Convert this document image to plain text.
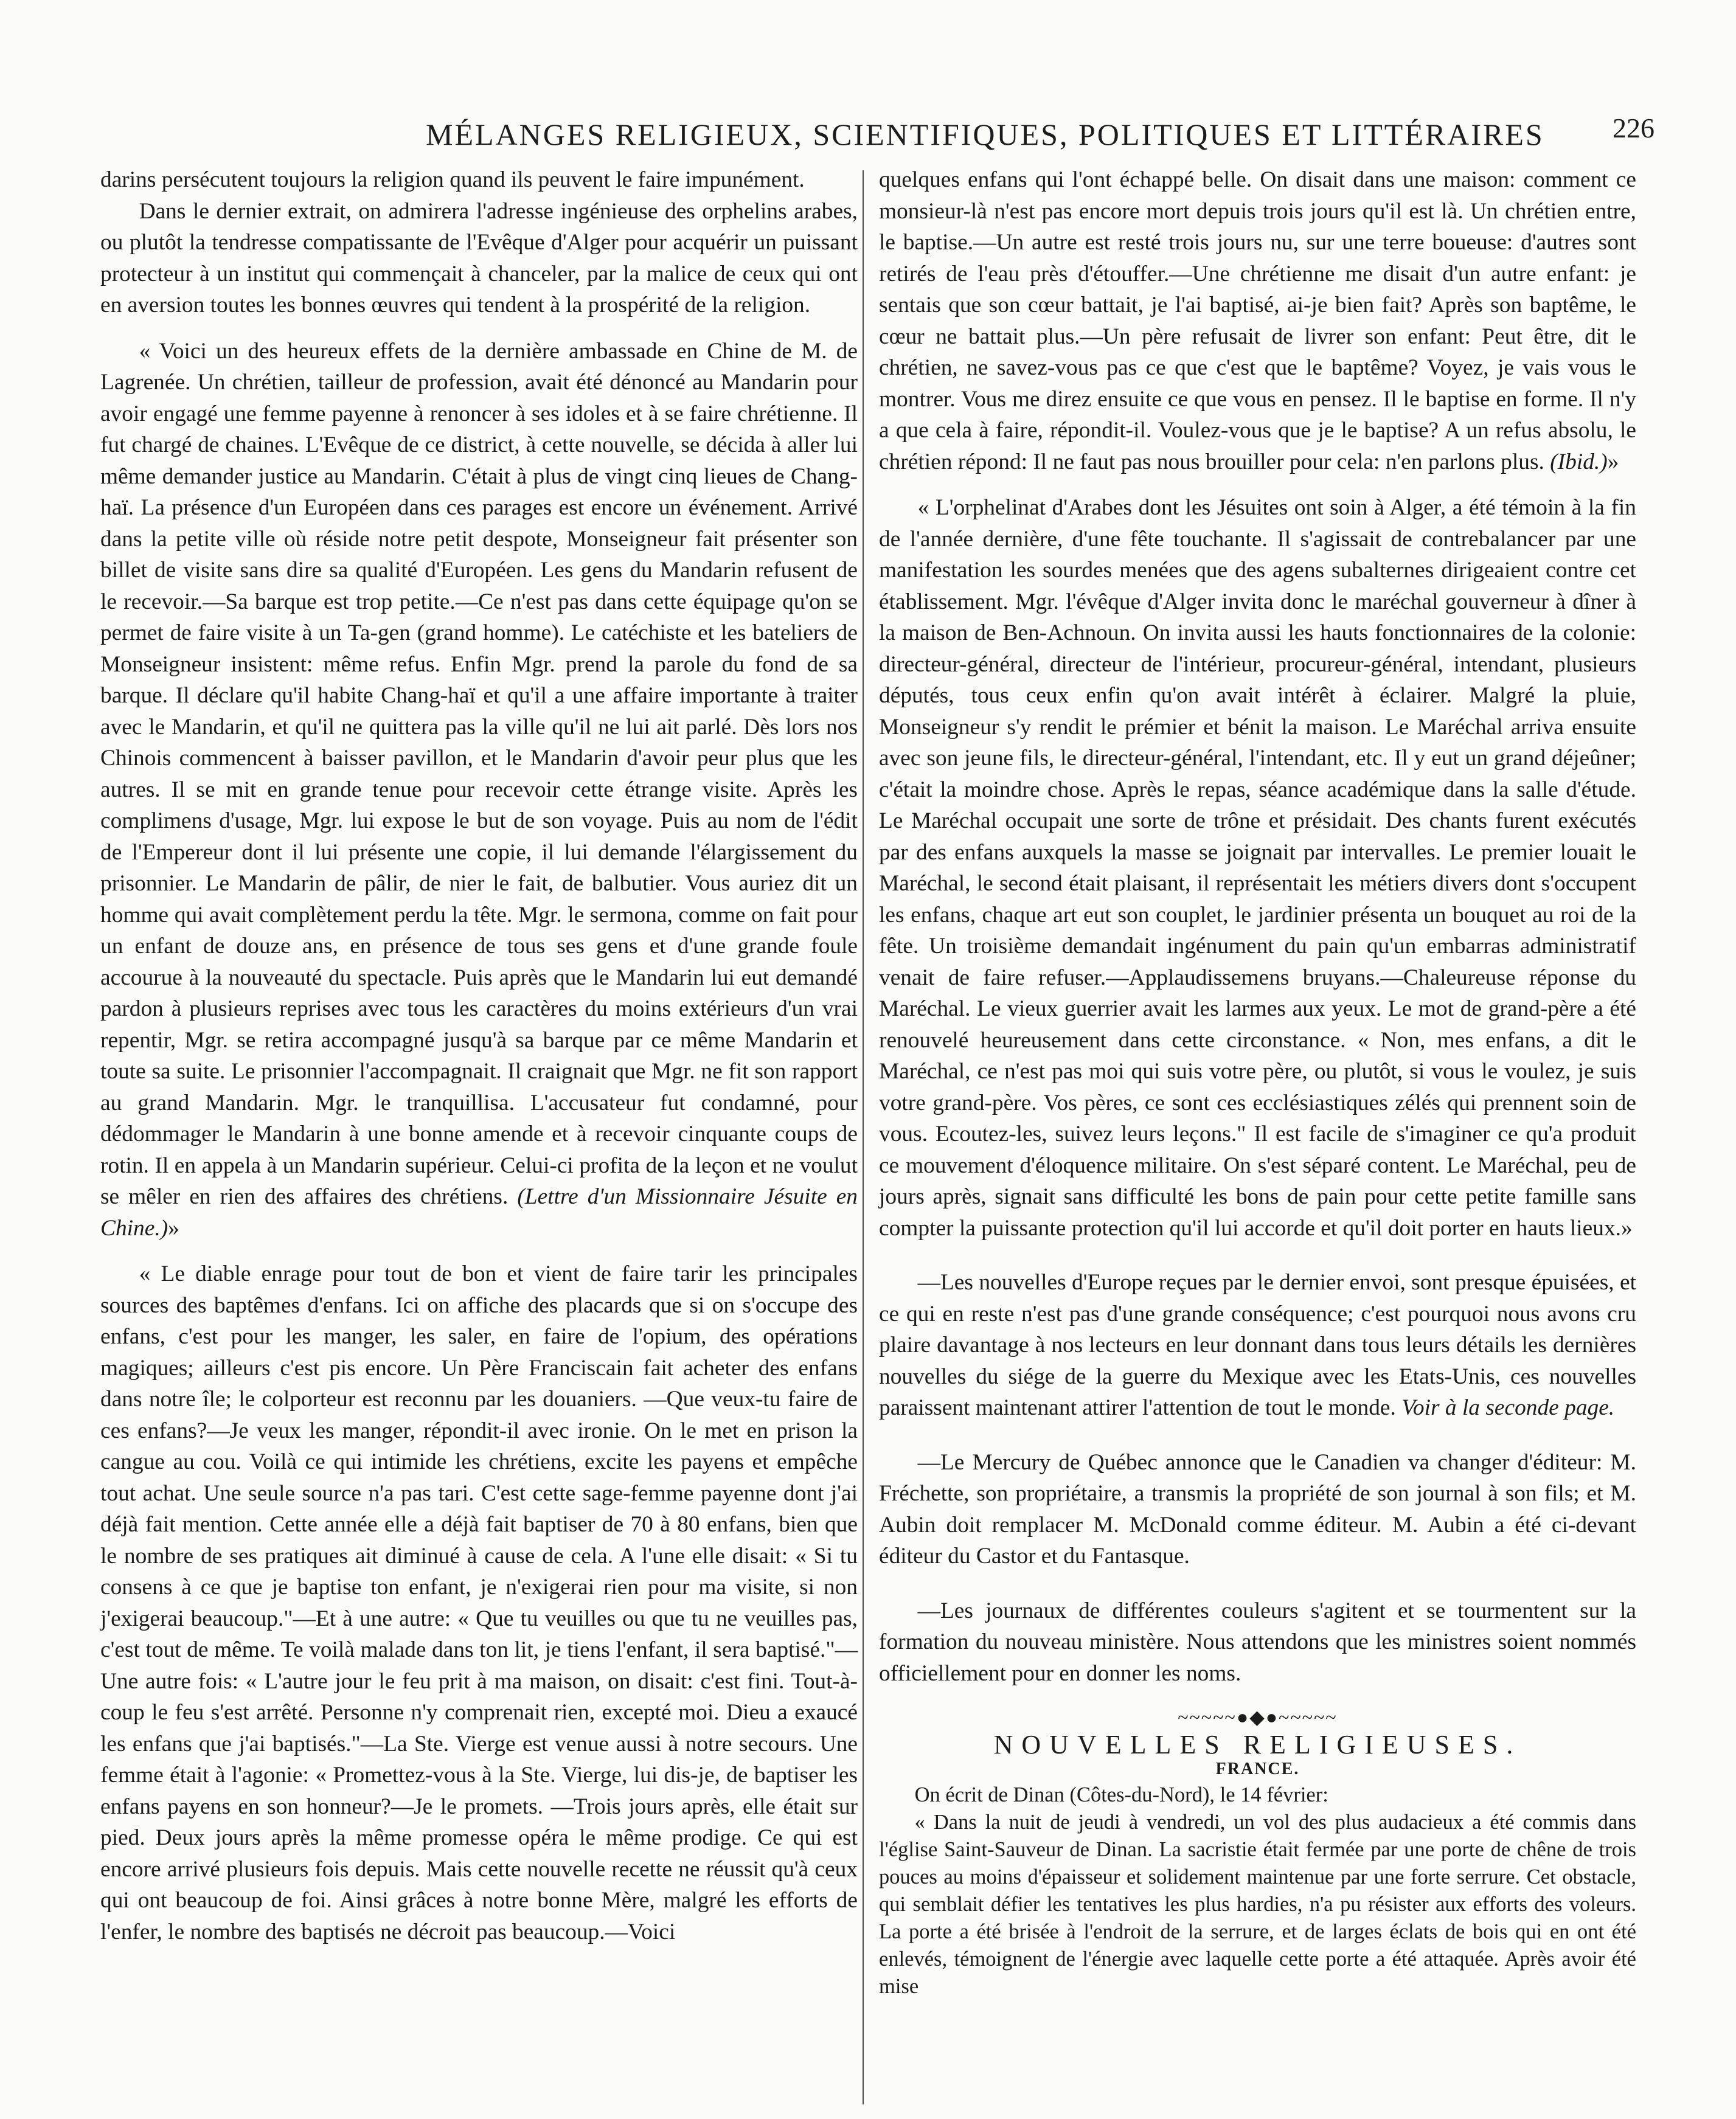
MÉLANGES RELIGIEUX, SCIENTIFIQUES, POLITIQUES ET LITTÉRAIRES 226

darins persécutent toujours la religion quand ils peuvent le faire impunément.

Dans le dernier extrait, on admirera l'adresse ingénieuse des orphelins arabes, ou plutôt la tendresse compatissante de l'Evêque d'Alger pour acquérir un puissant protecteur à un institut qui commençait à chanceler, par la malice de ceux qui ont en aversion toutes les bonnes œuvres qui tendent à la prospérité de la religion.

« Voici un des heureux effets de la dernière ambassade en Chine de M. de Lagrenée. Un chrétien, tailleur de profession, avait été dénoncé au Mandarin pour avoir engagé une femme payenne à renoncer à ses idoles et à se faire chrétienne. Il fut chargé de chaines. L'Evêque de ce district, à cette nouvelle, se décida à aller lui même demander justice au Mandarin. C'était à plus de vingt cinq lieues de Chang-haï. La présence d'un Européen dans ces parages est encore un événement. Arrivé dans la petite ville où réside notre petit despote, Monseigneur fait présenter son billet de visite sans dire sa qualité d'Européen. Les gens du Mandarin refusent de le recevoir.—Sa barque est trop petite.—Ce n'est pas dans cette équipage qu'on se permet de faire visite à un Ta-gen (grand homme). Le catéchiste et les bateliers de Monseigneur insistent: même refus. Enfin Mgr. prend la parole du fond de sa barque. Il déclare qu'il habite Chang-haï et qu'il a une affaire importante à traiter avec le Mandarin, et qu'il ne quittera pas la ville qu'il ne lui ait parlé. Dès lors nos Chinois commencent à baisser pavillon, et le Mandarin d'avoir peur plus que les autres. Il se mit en grande tenue pour recevoir cette étrange visite. Après les complimens d'usage, Mgr. lui expose le but de son voyage. Puis au nom de l'édit de l'Empereur dont il lui présente une copie, il lui demande l'élargissement du prisonnier. Le Mandarin de pâlir, de nier le fait, de balbutier. Vous auriez dit un homme qui avait complètement perdu la tête. Mgr. le sermona, comme on fait pour un enfant de douze ans, en présence de tous ses gens et d'une grande foule accourue à la nouveauté du spectacle. Puis après que le Mandarin lui eut demandé pardon à plusieurs reprises avec tous les caractères du moins extérieurs d'un vrai repentir, Mgr. se retira accompagné jusqu'à sa barque par ce même Mandarin et toute sa suite. Le prisonnier l'accompagnait. Il craignait que Mgr. ne fit son rapport au grand Mandarin. Mgr. le tranquillisa. L'accusateur fut condamné, pour dédommager le Mandarin à une bonne amende et à recevoir cinquante coups de rotin. Il en appela à un Mandarin supérieur. Celui-ci profita de la leçon et ne voulut se mêler en rien des affaires des chrétiens. (Lettre d'un Missionnaire Jésuite en Chine.)»

« Le diable enrage pour tout de bon et vient de faire tarir les principales sources des baptêmes d'enfans. Ici on affiche des placards que si on s'occupe des enfans, c'est pour les manger, les saler, en faire de l'opium, des opérations magiques; ailleurs c'est pis encore. Un Père Franciscain fait acheter des enfans dans notre île; le colporteur est reconnu par les douaniers. —Que veux-tu faire de ces enfans?—Je veux les manger, répondit-il avec ironie. On le met en prison la cangue au cou. Voilà ce qui intimide les chrétiens, excite les payens et empêche tout achat. Une seule source n'a pas tari. C'est cette sage-femme payenne dont j'ai déjà fait mention. Cette année elle a déjà fait baptiser de 70 à 80 enfans, bien que le nombre de ses pratiques ait diminué à cause de cela. A l'une elle disait: « Si tu consens à ce que je baptise ton enfant, je n'exigerai rien pour ma visite, si non j'exigerai beaucoup."—Et à une autre: « Que tu veuilles ou que tu ne veuilles pas, c'est tout de même. Te voilà malade dans ton lit, je tiens l'enfant, il sera baptisé."—Une autre fois: « L'autre jour le feu prit à ma maison, on disait: c'est fini. Tout-à-coup le feu s'est arrêté. Personne n'y comprenait rien, excepté moi. Dieu a exaucé les enfans que j'ai baptisés."—La Ste. Vierge est venue aussi à notre secours. Une femme était à l'agonie: « Promettez-vous à la Ste. Vierge, lui dis-je, de baptiser les enfans payens en son honneur?—Je le promets. —Trois jours après, elle était sur pied. Deux jours après la même promesse opéra le même prodige. Ce qui est encore arrivé plusieurs fois depuis. Mais cette nouvelle recette ne réussit qu'à ceux qui ont beaucoup de foi. Ainsi grâces à notre bonne Mère, malgré les efforts de l'enfer, le nombre des baptisés ne décroit pas beaucoup.—Voici

quelques enfans qui l'ont échappé belle. On disait dans une maison: comment ce monsieur-là n'est pas encore mort depuis trois jours qu'il est là. Un chrétien entre, le baptise.—Un autre est resté trois jours nu, sur une terre boueuse: d'autres sont retirés de l'eau près d'étouffer.—Une chrétienne me disait d'un autre enfant: je sentais que son cœur battait, je l'ai baptisé, ai-je bien fait? Après son baptême, le cœur ne battait plus.—Un père refusait de livrer son enfant: Peut être, dit le chrétien, ne savez-vous pas ce que c'est que le baptême? Voyez, je vais vous le montrer. Vous me direz ensuite ce que vous en pensez. Il le baptise en forme. Il n'y a que cela à faire, répondit-il. Voulez-vous que je le baptise? A un refus absolu, le chrétien répond: Il ne faut pas nous brouiller pour cela: n'en parlons plus. (Ibid.)»

« L'orphelinat d'Arabes dont les Jésuites ont soin à Alger, a été témoin à la fin de l'année dernière, d'une fête touchante. Il s'agissait de contrebalancer par une manifestation les sourdes menées que des agens subalternes dirigeaient contre cet établissement. Mgr. l'évêque d'Alger invita donc le maréchal gouverneur à dîner à la maison de Ben-Achnoun. On invita aussi les hauts fonctionnaires de la colonie: directeur-général, directeur de l'intérieur, procureur-général, intendant, plusieurs députés, tous ceux enfin qu'on avait intérêt à éclairer. Malgré la pluie, Monseigneur s'y rendit le prémier et bénit la maison. Le Maréchal arriva ensuite avec son jeune fils, le directeur-général, l'intendant, etc. Il y eut un grand déjeûner; c'était la moindre chose. Après le repas, séance académique dans la salle d'étude. Le Maréchal occupait une sorte de trône et présidait. Des chants furent exécutés par des enfans auxquels la masse se joignait par intervalles. Le premier louait le Maréchal, le second était plaisant, il représentait les métiers divers dont s'occupent les enfans, chaque art eut son couplet, le jardinier présenta un bouquet au roi de la fête. Un troisième demandait ingénument du pain qu'un embarras administratif venait de faire refuser.—Applaudissemens bruyans.—Chaleureuse réponse du Maréchal. Le vieux guerrier avait les larmes aux yeux. Le mot de grand-père a été renouvelé heureusement dans cette circonstance. « Non, mes enfans, a dit le Maréchal, ce n'est pas moi qui suis votre père, ou plutôt, si vous le voulez, je suis votre grand-père. Vos pères, ce sont ces ecclésiastiques zélés qui prennent soin de vous. Ecoutez-les, suivez leurs leçons." Il est facile de s'imaginer ce qu'a produit ce mouvement d'éloquence militaire. On s'est séparé content. Le Maréchal, peu de jours après, signait sans difficulté les bons de pain pour cette petite famille sans compter la puissante protection qu'il lui accorde et qu'il doit porter en hauts lieux.»

—Les nouvelles d'Europe reçues par le dernier envoi, sont presque épuisées, et ce qui en reste n'est pas d'une grande conséquence; c'est pourquoi nous avons cru plaire davantage à nos lecteurs en leur donnant dans tous leurs détails les dernières nouvelles du siége de la guerre du Mexique avec les Etats-Unis, ces nouvelles paraissent maintenant attirer l'attention de tout le monde. Voir à la seconde page.

—Le Mercury de Québec annonce que le Canadien va changer d'éditeur: M. Fréchette, son propriétaire, a transmis la propriété de son journal à son fils; et M. Aubin doit remplacer M. McDonald comme éditeur. M. Aubin a été ci-devant éditeur du Castor et du Fantasque.

—Les journaux de différentes couleurs s'agitent et se tourmentent sur la formation du nouveau ministère. Nous attendons que les ministres soient nommés officiellement pour en donner les noms.

~~~~~●◆●~~~~~

NOUVELLES RELIGIEUSES.

FRANCE.

On écrit de Dinan (Côtes-du-Nord), le 14 février:

« Dans la nuit de jeudi à vendredi, un vol des plus audacieux a été commis dans l'église Saint-Sauveur de Dinan. La sacristie était fermée par une porte de chêne de trois pouces au moins d'épaisseur et solidement maintenue par une forte serrure. Cet obstacle, qui semblait défier les tentatives les plus hardies, n'a pu résister aux efforts des voleurs. La porte a été brisée à l'endroit de la serrure, et de larges éclats de bois qui en ont été enlevés, témoignent de l'énergie avec laquelle cette porte a été attaquée. Après avoir été mise
